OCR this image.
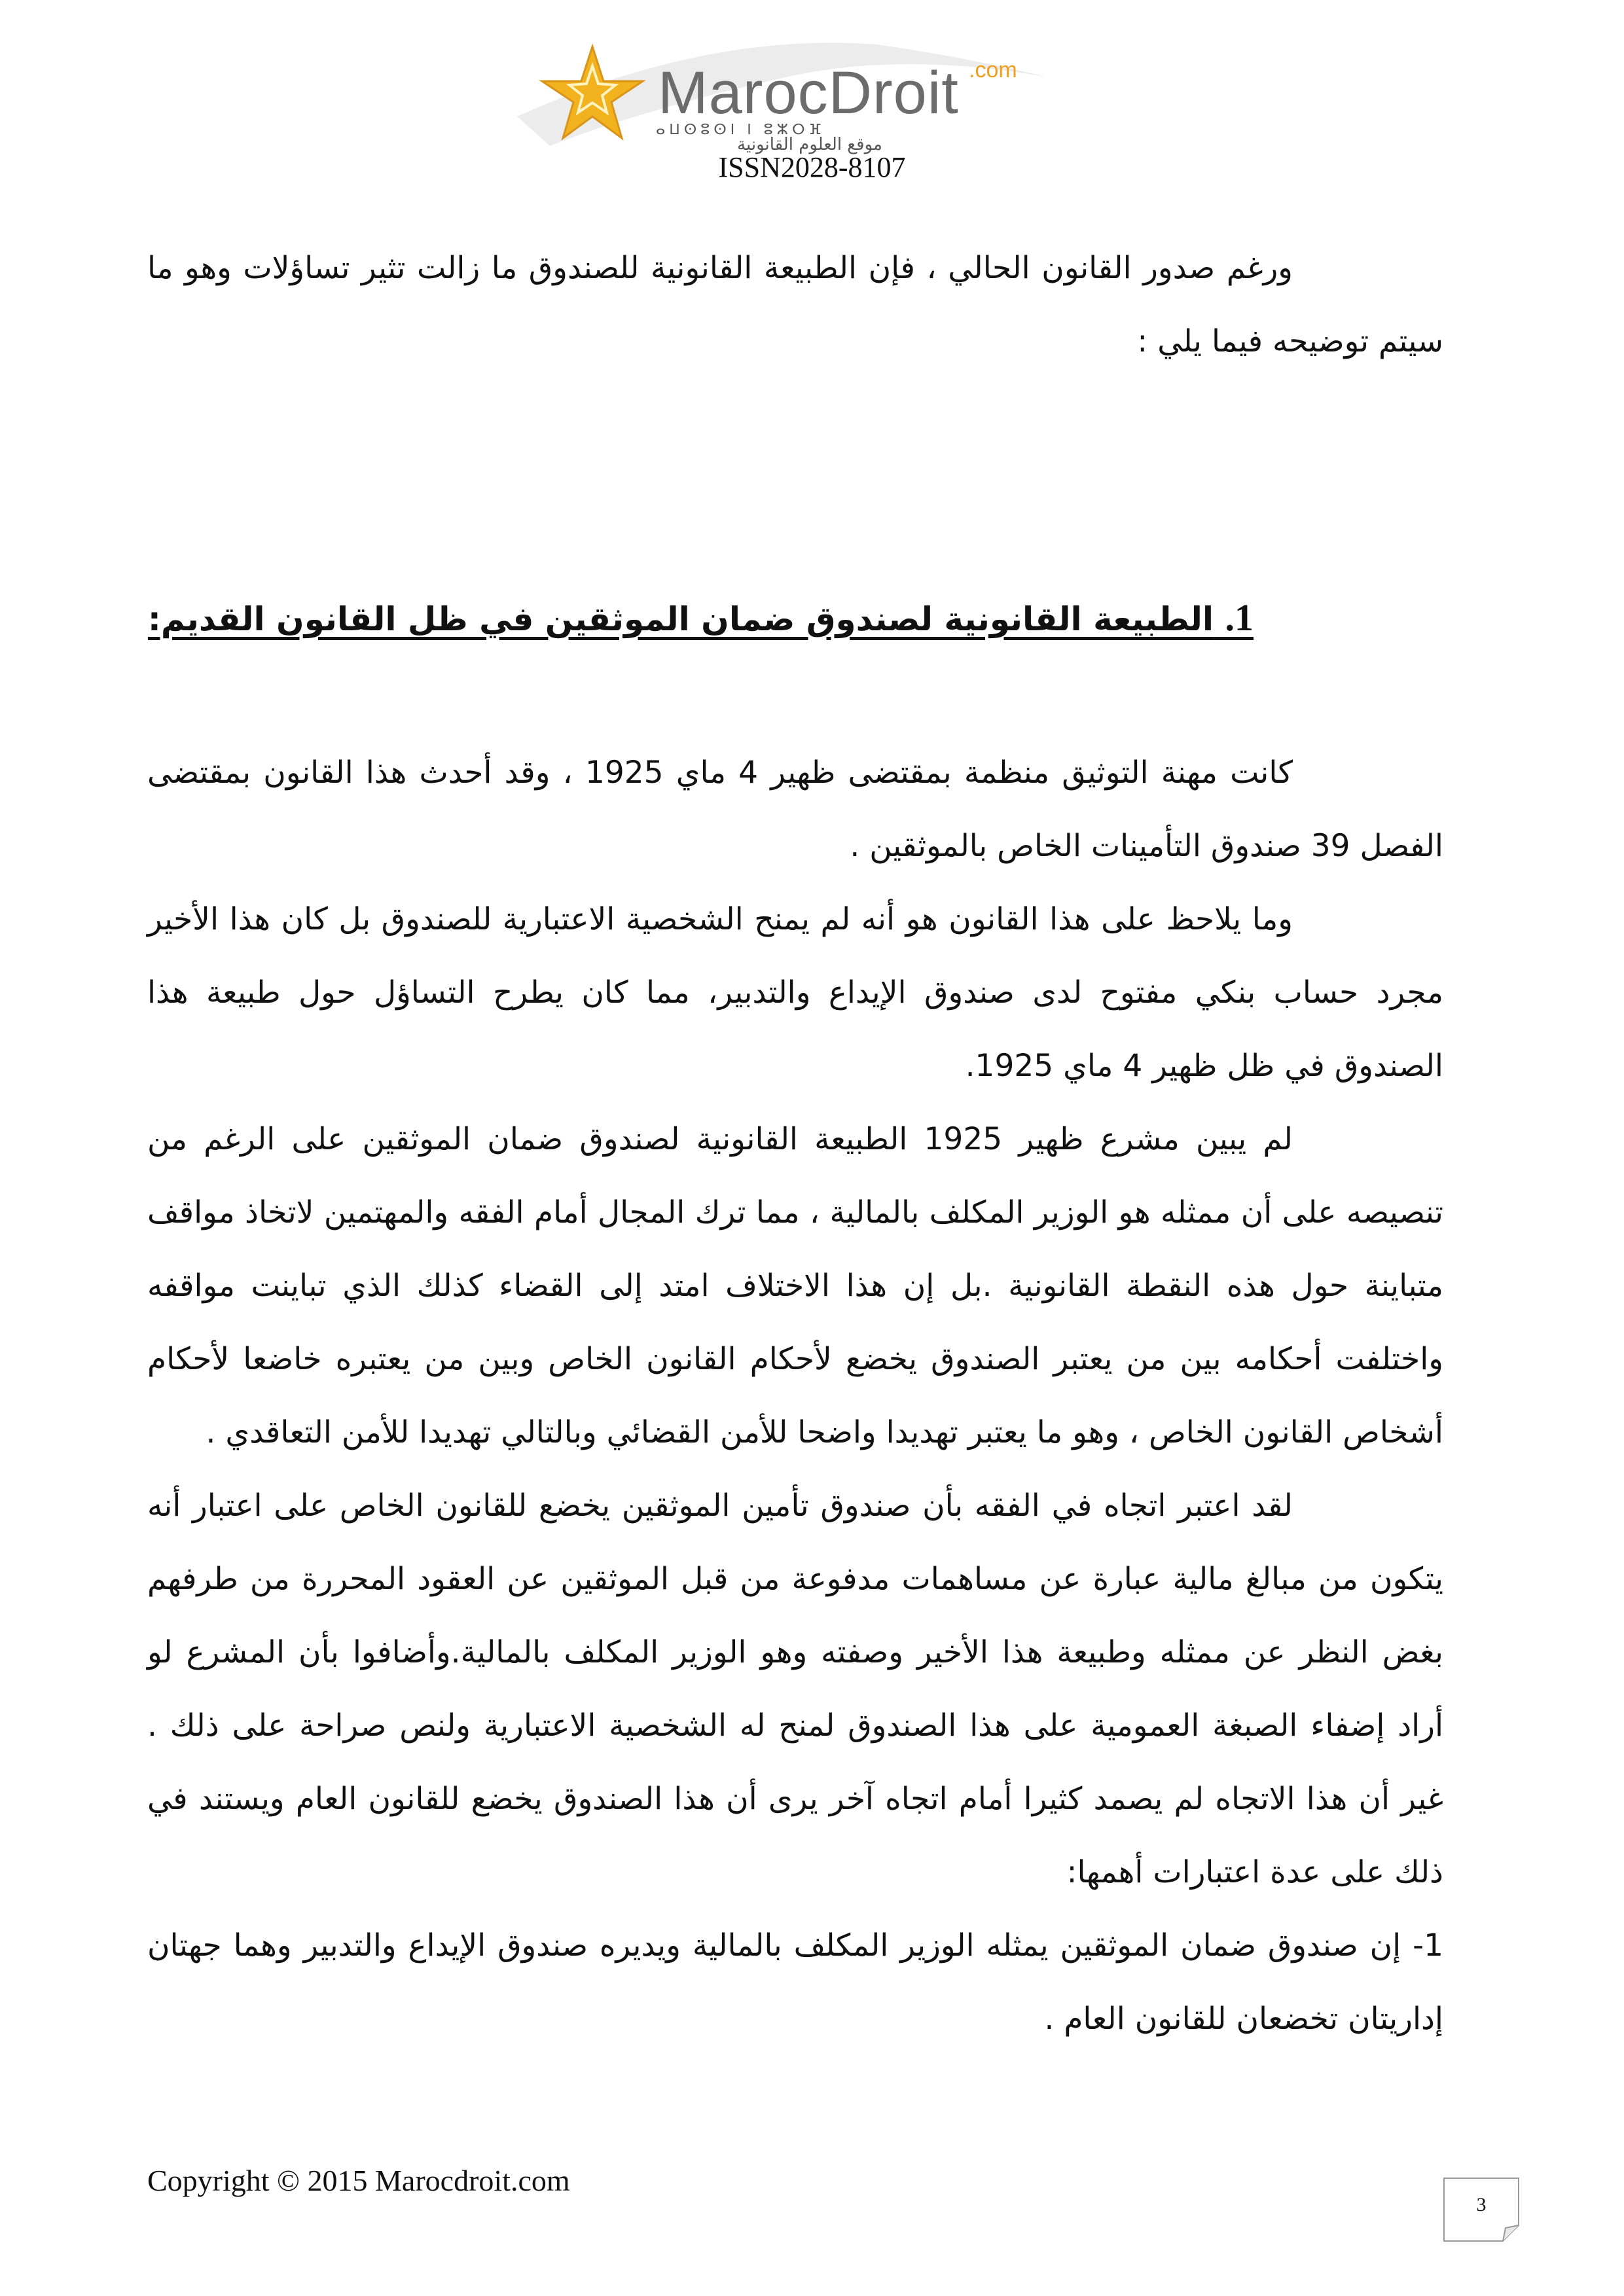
MarocDroit .com
ⴰⵡⵙⵓⵙⵏ ⵏ ⵓⵣⵔⴼ
موقع العلوم القانونية
ISSN2028-8107

ورغم صدور القانون الحالي ، فإن الطبيعة القانونية للصندوق ما زالت تثير تساؤلات وهو ما سيتم توضيحه فيما يلي :

1. الطبيعة القانونية لصندوق ضمان الموثقين في ظل القانون القديم:

كانت مهنة التوثيق منظمة بمقتضى ظهير 4 ماي 1925 ، وقد أحدث هذا القانون بمقتضى الفصل 39 صندوق التأمينات الخاص بالموثقين .

وما يلاحظ على هذا القانون هو أنه لم يمنح الشخصية الاعتبارية للصندوق بل كان هذا الأخير مجرد حساب بنكي مفتوح لدى صندوق الإيداع والتدبير، مما كان يطرح التساؤل حول طبيعة هذا الصندوق في ظل ظهير 4 ماي 1925.

لم يبين مشرع ظهير 1925 الطبيعة القانونية لصندوق ضمان الموثقين على الرغم من تنصيصه على أن ممثله هو الوزير المكلف بالمالية ، مما ترك المجال أمام الفقه والمهتمين لاتخاذ مواقف متباينة حول هذه النقطة القانونية .بل إن هذا الاختلاف امتد إلى القضاء كذلك الذي تباينت مواقفه واختلفت أحكامه بين من يعتبر الصندوق يخضع لأحكام القانون الخاص وبين من يعتبره خاضعا لأحكام أشخاص القانون الخاص ، وهو ما يعتبر تهديدا واضحا للأمن القضائي وبالتالي تهديدا للأمن التعاقدي .

لقد اعتبر اتجاه في الفقه بأن صندوق تأمين الموثقين يخضع للقانون الخاص على اعتبار أنه يتكون من مبالغ مالية عبارة عن مساهمات مدفوعة من قبل الموثقين عن العقود المحررة من طرفهم بغض النظر عن ممثله وطبيعة هذا الأخير وصفته وهو الوزير المكلف بالمالية.وأضافوا بأن المشرع لو أراد إضفاء الصبغة العمومية على هذا الصندوق لمنح له الشخصية الاعتبارية ولنص صراحة على ذلك . غير أن هذا الاتجاه لم يصمد كثيرا أمام اتجاه آخر يرى أن هذا الصندوق يخضع للقانون العام ويستند في ذلك على عدة اعتبارات أهمها:

1- إن صندوق ضمان الموثقين يمثله الوزير المكلف بالمالية ويديره صندوق الإيداع والتدبير وهما جهتان إداريتان تخضعان للقانون العام .

Copyright © 2015 Marocdroit.com
3
